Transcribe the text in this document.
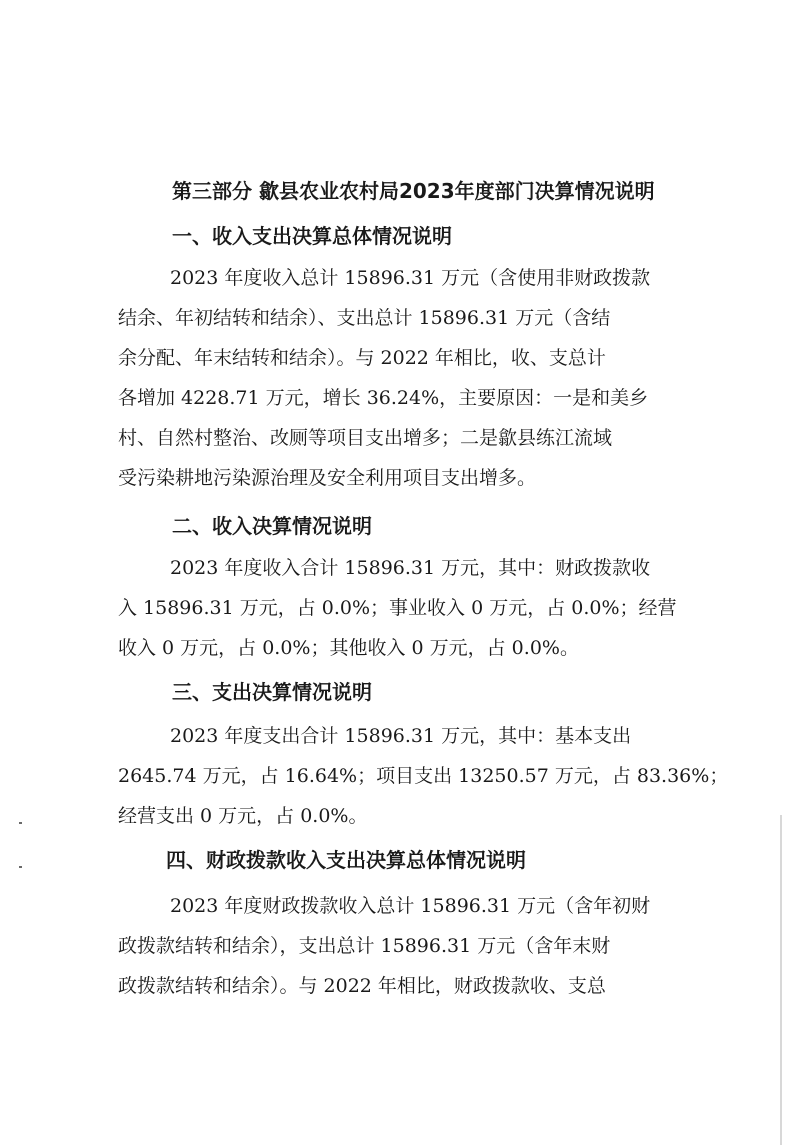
第三部分 歙县农业农村局2023年度部门决算情况说明
一、收入支出决算总体情况说明
2023 年度收入总计 15896.31 万元（含使用非财政拨款
结余、年初结转和结余）、支出总计 15896.31 万元（含结
余分配、年末结转和结余）。与 2022 年相比，收、支总计
各增加 4228.71 万元，增长 36.24%，主要原因：一是和美乡
村、自然村整治、改厕等项目支出增多；二是歙县练江流域
受污染耕地污染源治理及安全利用项目支出增多。
二、收入决算情况说明
2023 年度收入合计 15896.31 万元，其中：财政拨款收
入 15896.31 万元，占 0.0%；事业收入 0 万元，占 0.0%；经营
收入 0 万元，占 0.0%；其他收入 0 万元，占 0.0%。
三、支出决算情况说明
2023 年度支出合计 15896.31 万元，其中：基本支出
2645.74 万元，占 16.64%；项目支出 13250.57 万元，占 83.36%；
经营支出 0 万元，占 0.0%。
四、财政拨款收入支出决算总体情况说明
2023 年度财政拨款收入总计 15896.31 万元（含年初财
政拨款结转和结余），支出总计 15896.31 万元（含年末财
政拨款结转和结余）。与 2022 年相比，财政拨款收、支总
